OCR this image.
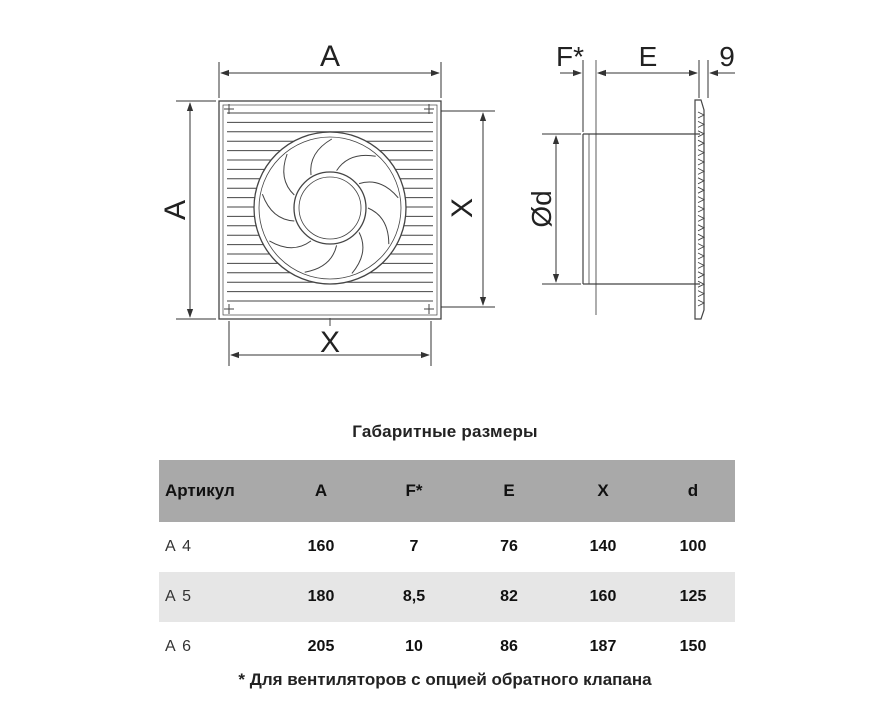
A
A	X
X
F* E 9
Ød
Габаритные размеры
Артикул	A	F*	E	X	d
А 4	160	7	76	140	100
А 5	180	8,5	82	160	125
А 6	205	10	86	187	150
* Для вентиляторов с опцией обратного клапана
